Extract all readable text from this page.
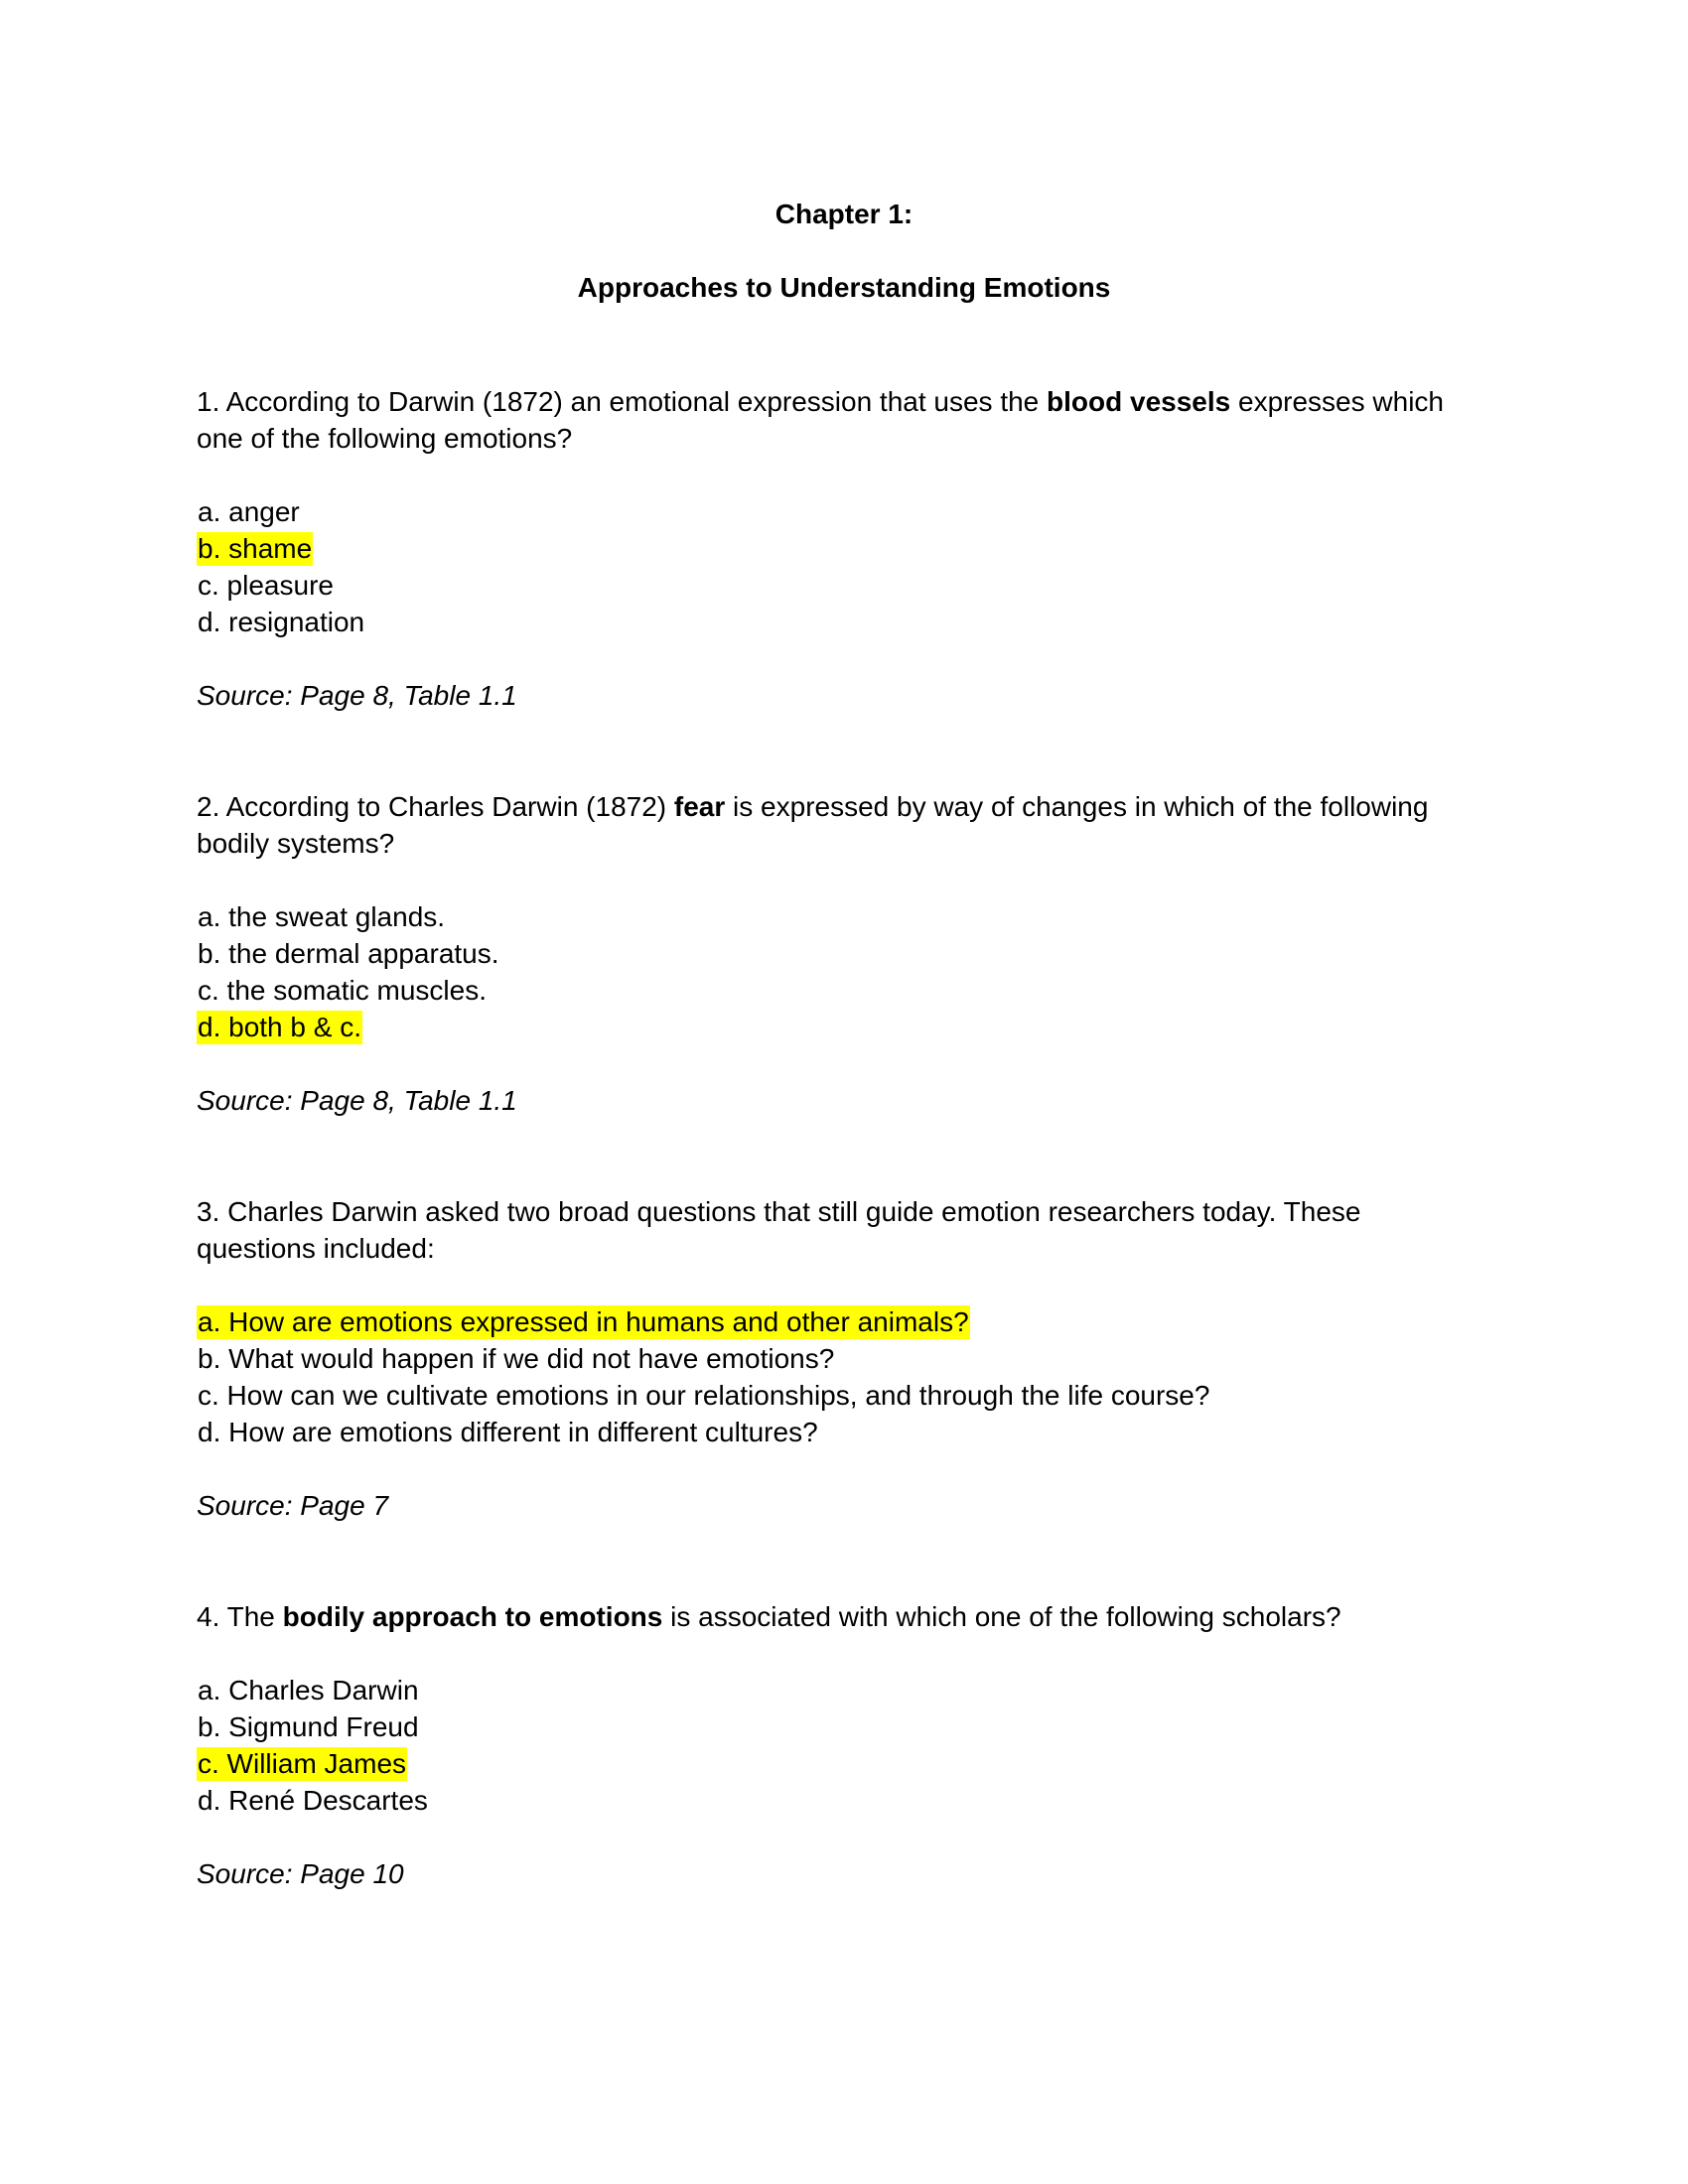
Chapter 1:
Approaches to Understanding Emotions

1. According to Darwin (1872) an emotional expression that uses the blood vessels expresses which one of the following emotions?

a. anger
b. shame
c. pleasure
d. resignation
Source: Page 8, Table 1.1

2. According to Charles Darwin (1872) fear is expressed by way of changes in which of the following bodily systems?

a. the sweat glands.
b. the dermal apparatus.
c. the somatic muscles.
d. both b & c.
Source: Page 8, Table 1.1

3. Charles Darwin asked two broad questions that still guide emotion researchers today. These questions included:

a. How are emotions expressed in humans and other animals?
b. What would happen if we did not have emotions?
c. How can we cultivate emotions in our relationships, and through the life course?
d. How are emotions different in different cultures?
Source: Page 7

4. The bodily approach to emotions is associated with which one of the following scholars?

a. Charles Darwin
b. Sigmund Freud
c. William James
d. René Descartes
Source: Page 10
